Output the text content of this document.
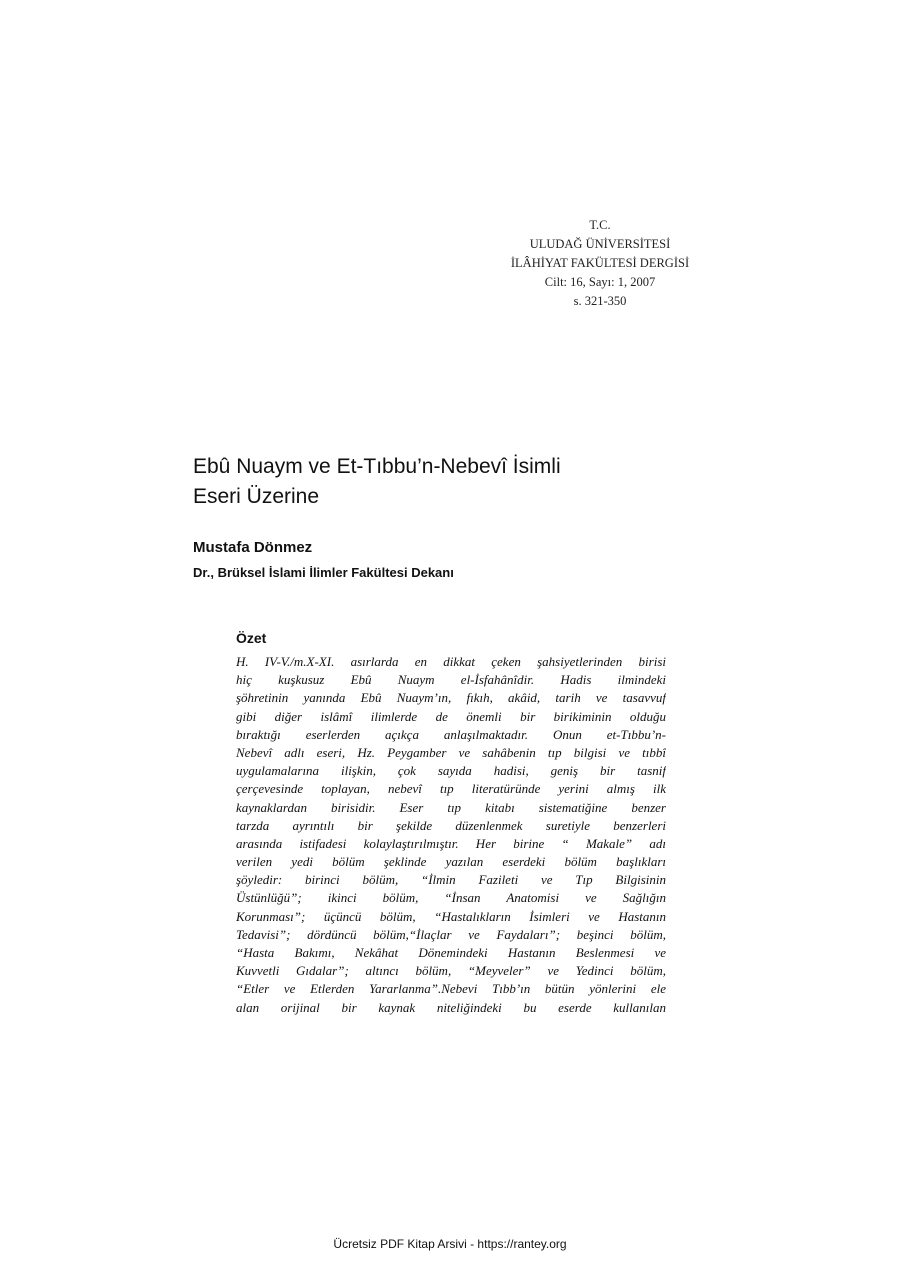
T.C.
ULUDAĞ ÜNİVERSİTESİ
İLÂHİYAT FAKÜLTESİ DERGİSİ
Cilt: 16, Sayı: 1, 2007
s. 321-350
Ebû Nuaym ve Et-Tıbbu’n-Nebevî İsimli
Eseri Üzerine
Mustafa Dönmez
Dr., Brüksel İslami İlimler Fakültesi Dekanı
Özet
H. IV-V./m.X-XI. asırlarda en dikkat çeken şahsiyetlerinden birisi
hiç kuşkusuz Ebû Nuaym el-İsfahânîdir. Hadis ilmindeki
şöhretinin yanında Ebû Nuaym’ın, fıkıh, akâid, tarih ve tasavvuf
gibi diğer islâmî ilimlerde de önemli bir birikiminin olduğu
bıraktığı eserlerden açıkça anlaşılmaktadır. Onun et-Tıbbu’n-
Nebevî adlı eseri, Hz. Peygamber ve sahâbenin tıp bilgisi ve tıbbî
uygulamalarına ilişkin, çok sayıda hadisi, geniş bir tasnif
çerçevesinde toplayan, nebevî tıp literatüründe yerini almış ilk
kaynaklardan birisidir. Eser tıp kitabı sistematiğine benzer
tarzda ayrıntılı bir şekilde düzenlenmek suretiyle benzerleri
arasında istifadesi kolaylaştırılmıştır. Her birine “ Makale” adı
verilen yedi bölüm şeklinde yazılan eserdeki bölüm başlıkları
şöyledir: birinci bölüm, “İlmin Fazileti ve Tıp Bilgisinin
Üstünlüğü”; ikinci bölüm, “İnsan Anatomisi ve Sağlığın
Korunması”; üçüncü bölüm, “Hastalıkların İsimleri ve Hastanın
Tedavisi”; dördüncü bölüm,“İlaçlar ve Faydaları”; beşinci bölüm,
“Hasta Bakımı, Nekâhat Dönemindeki Hastanın Beslenmesi ve
Kuvvetli Gıdalar”; altıncı bölüm, “Meyveler” ve Yedinci bölüm,
“Etler ve Etlerden Yararlanma”.Nebevi Tıbb’ın bütün yönlerini ele
alan orijinal bir kaynak niteliğindeki bu eserde kullanılan
Ücretsiz PDF Kitap Arsivi - https://rantey.org
